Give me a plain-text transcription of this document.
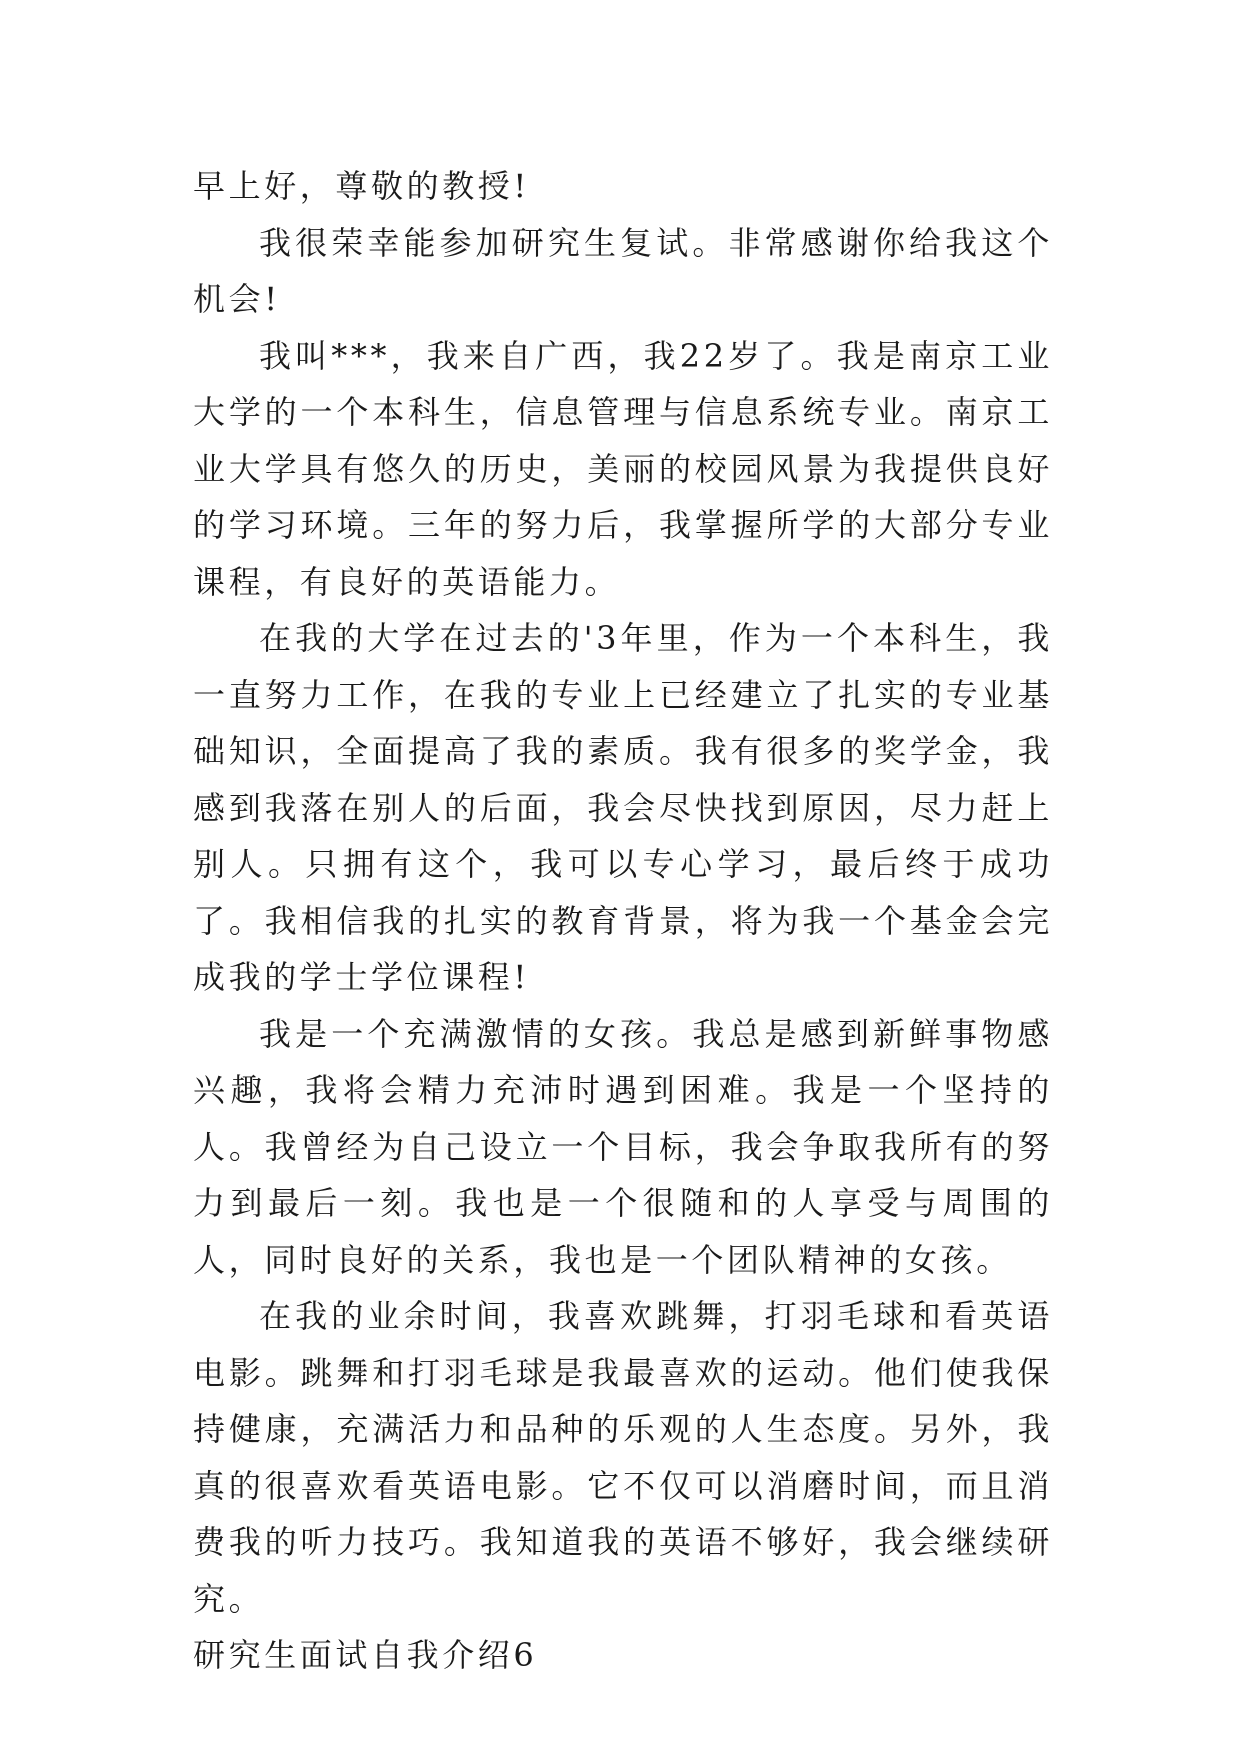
早上好，尊敬的教授!

我很荣幸能参加研究生复试。非常感谢你给我这个机会!

我叫***，我来自广西，我22岁了。我是南京工业大学的一个本科生，信息管理与信息系统专业。南京工业大学具有悠久的历史，美丽的校园风景为我提供良好的学习环境。三年的努力后，我掌握所学的大部分专业课程，有良好的英语能力。

在我的大学在过去的'3年里，作为一个本科生，我一直努力工作，在我的专业上已经建立了扎实的专业基础知识，全面提高了我的素质。我有很多的奖学金，我感到我落在别人的后面，我会尽快找到原因，尽力赶上别人。只拥有这个，我可以专心学习，最后终于成功了。我相信我的扎实的教育背景，将为我一个基金会完成我的学士学位课程!

我是一个充满激情的女孩。我总是感到新鲜事物感兴趣，我将会精力充沛时遇到困难。我是一个坚持的人。我曾经为自己设立一个目标，我会争取我所有的努力到最后一刻。我也是一个很随和的人享受与周围的人，同时良好的关系，我也是一个团队精神的女孩。

在我的业余时间，我喜欢跳舞，打羽毛球和看英语电影。跳舞和打羽毛球是我最喜欢的运动。他们使我保持健康，充满活力和品种的乐观的人生态度。另外，我真的很喜欢看英语电影。它不仅可以消磨时间，而且消费我的听力技巧。我知道我的英语不够好，我会继续研究。

研究生面试自我介绍6
